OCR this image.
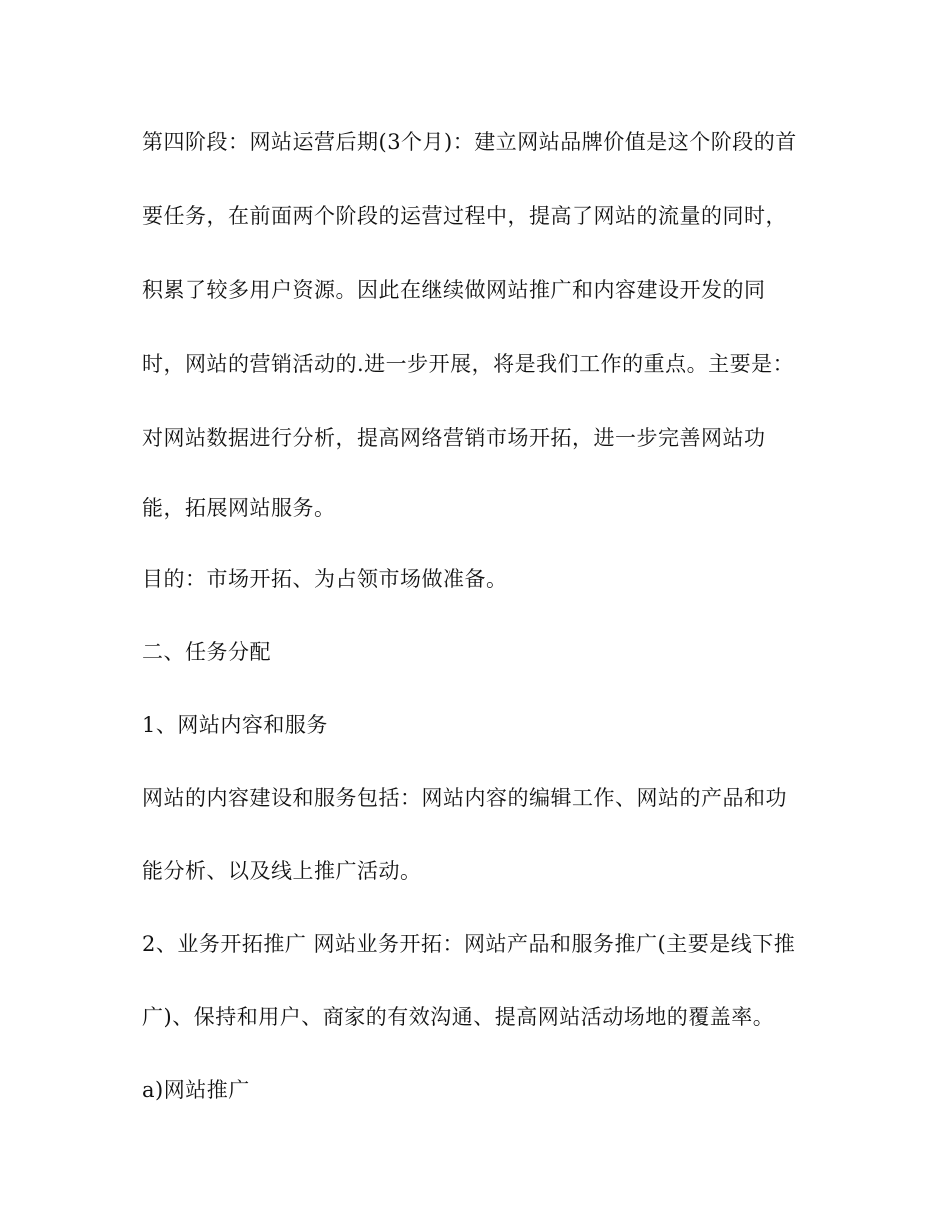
第四阶段：网站运营后期(3个月)：建立网站品牌价值是这个阶段的首
要任务，在前面两个阶段的运营过程中，提高了网站的流量的同时，
积累了较多用户资源。因此在继续做网站推广和内容建设开发的同
时，网站的营销活动的.进一步开展，将是我们工作的重点。主要是：
对网站数据进行分析，提高网络营销市场开拓，进一步完善网站功
能，拓展网站服务。
目的：市场开拓、为占领市场做准备。
二、任务分配
1、网站内容和服务
网站的内容建设和服务包括：网站内容的编辑工作、网站的产品和功
能分析、以及线上推广活动。
2、业务开拓推广 网站业务开拓：网站产品和服务推广(主要是线下推
广)、保持和用户、商家的有效沟通、提高网站活动场地的覆盖率。
a)网站推广
